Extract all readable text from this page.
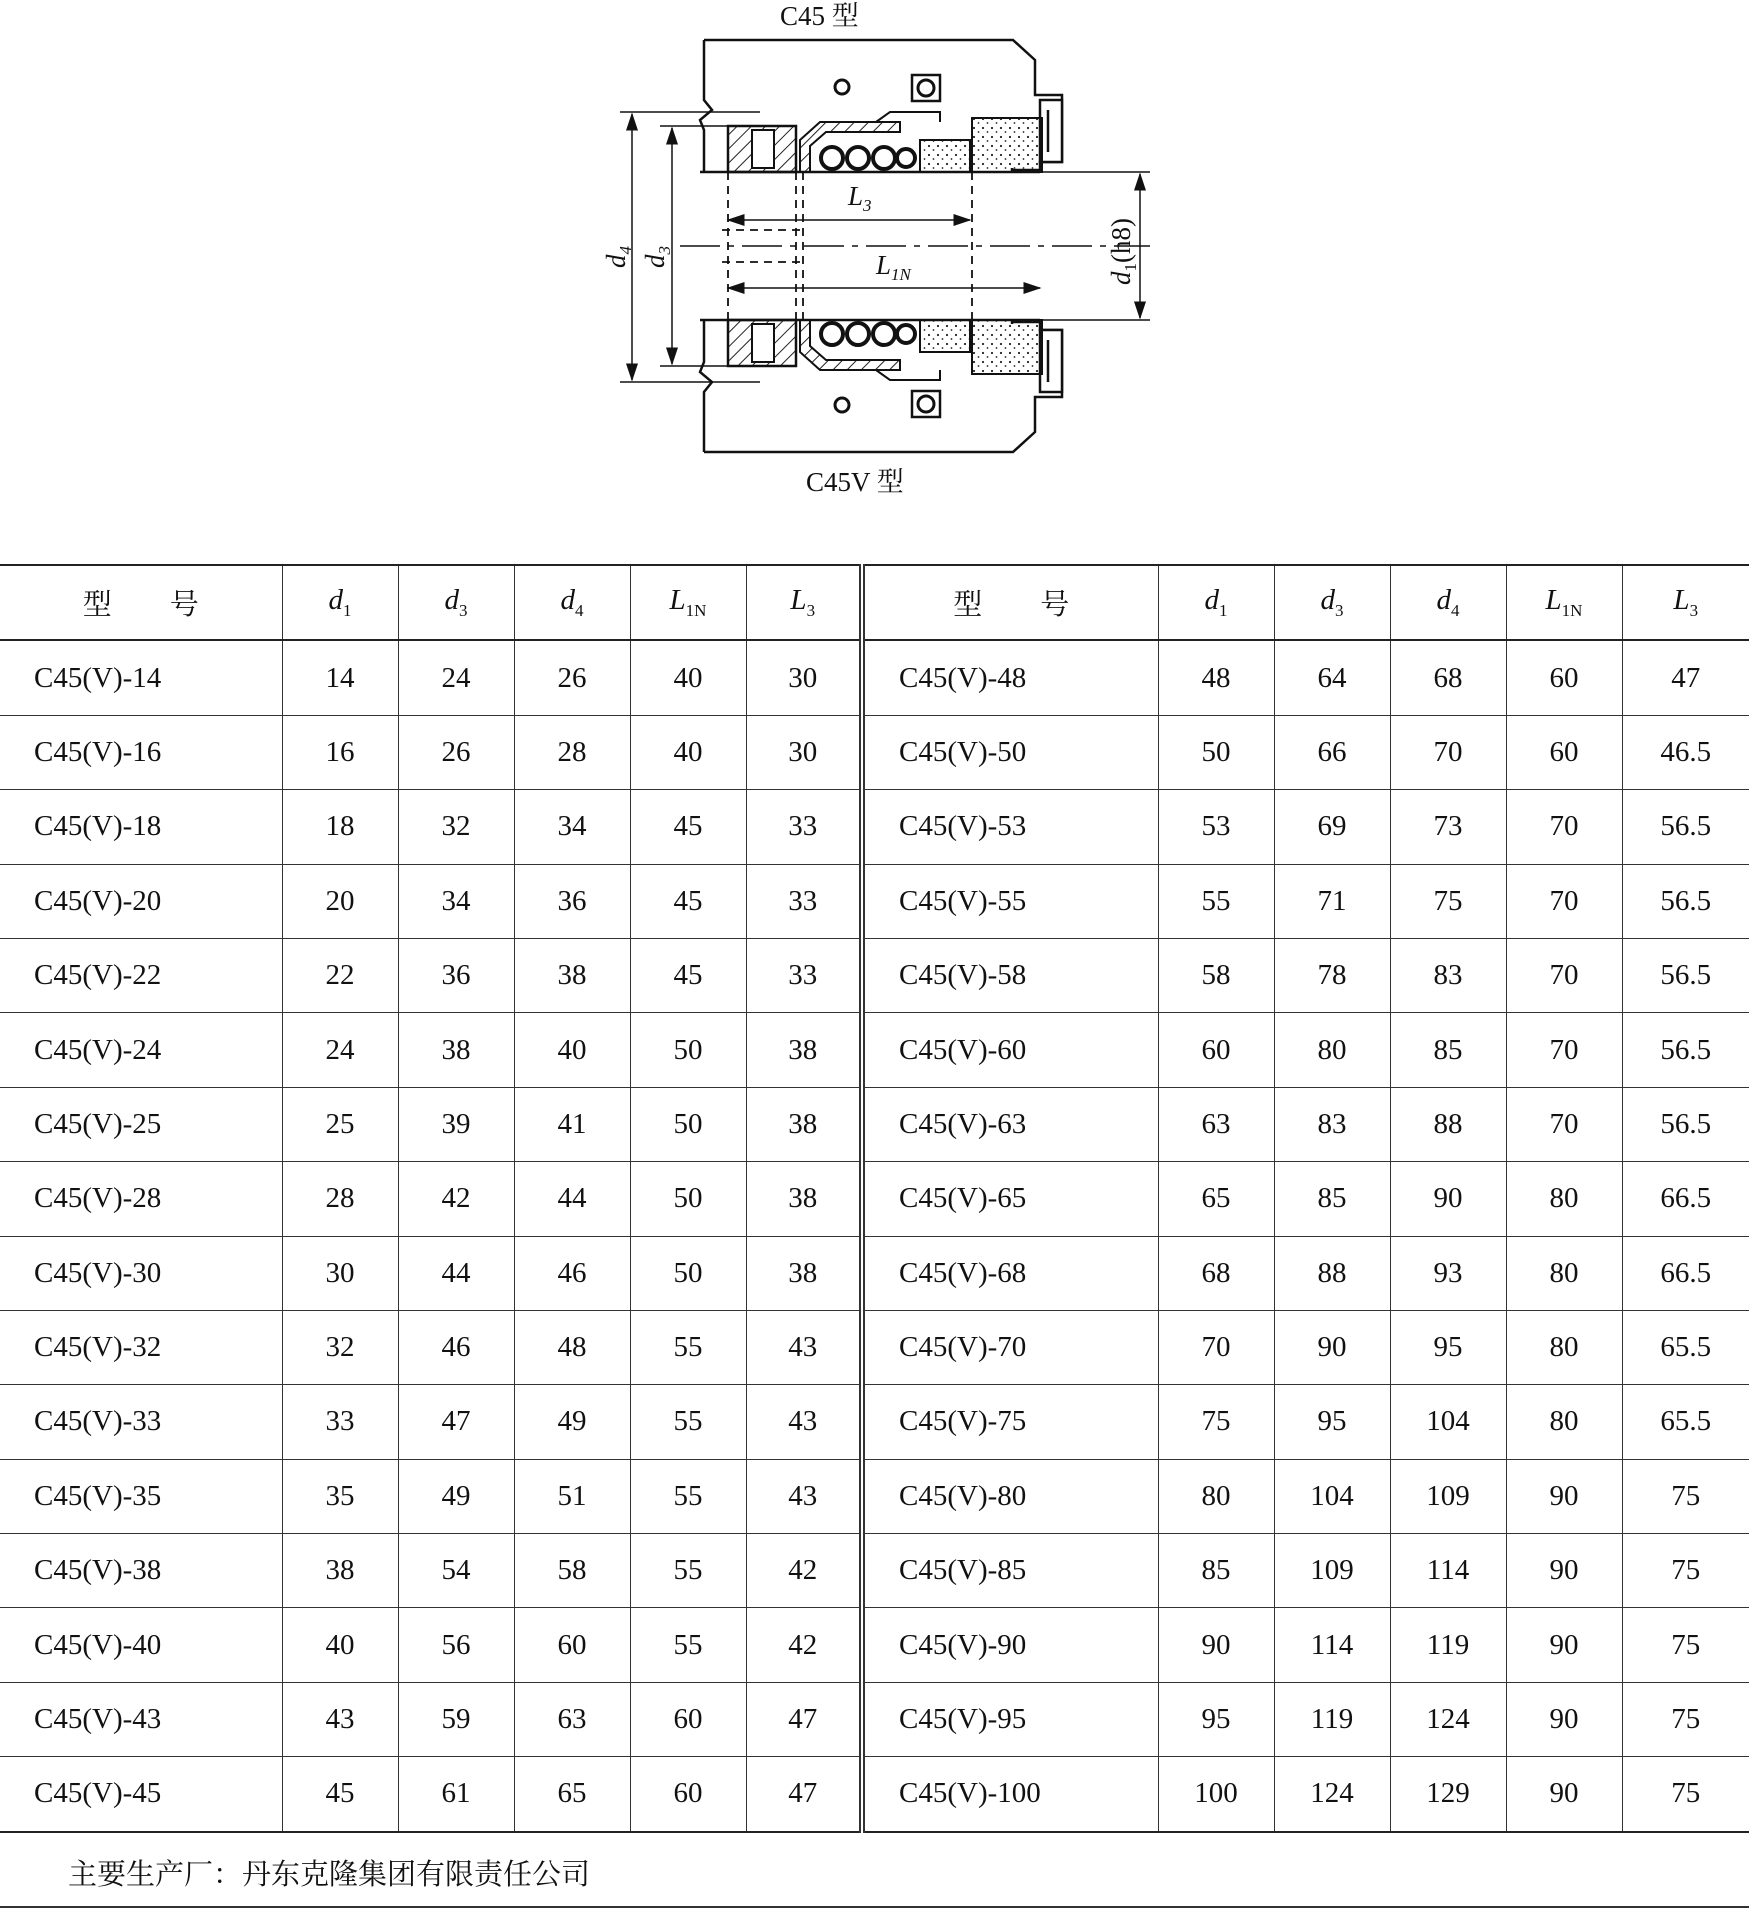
C45 型
C45V 型
$d_4$
$d_3$
$L_3$
$L_{1N}$	$d_1(h8)$
型　　号	$d_1$	$d_3$	$d_4$	$L_{1N}$	$L_3$	型　　号	$d_1$	$d_3$	$d_4$	$L_{1N}$	$L_3$
C45(V)-14	14	24	26	40	30	C45(V)-48	48	64	68	60	47
C45(V)-16	16	26	28	40	30	C45(V)-50	50	66	70	60	46.5
C45(V)-18	18	32	34	45	33	C45(V)-53	53	69	73	70	56.5
C45(V)-20	20	34	36	45	33	C45(V)-55	55	71	75	70	56.5
C45(V)-22	22	36	38	45	33	C45(V)-58	58	78	83	70	56.5
C45(V)-24	24	38	40	50	38	C45(V)-60	60	80	85	70	56.5
C45(V)-25	25	39	41	50	38	C45(V)-63	63	83	88	70	56.5
C45(V)-28	28	42	44	50	38	C45(V)-65	65	85	90	80	66.5
C45(V)-30	30	44	46	50	38	C45(V)-68	68	88	93	80	66.5
C45(V)-32	32	46	48	55	43	C45(V)-70	70	90	95	80	65.5
C45(V)-33	33	47	49	55	43	C45(V)-75	75	95	104	80	65.5
C45(V)-35	35	49	51	55	43	C45(V)-80	80	104	109	90	75
C45(V)-38	38	54	58	55	42	C45(V)-85	85	109	114	90	75
C45(V)-40	40	56	60	55	42	C45(V)-90	90	114	119	90	75
C45(V)-43	43	59	63	60	47	C45(V)-95	95	119	124	90	75
C45(V)-45	45	61	65	60	47	C45(V)-100	100	124	129	90	75
主要生产厂：丹东克隆集团有限责任公司
